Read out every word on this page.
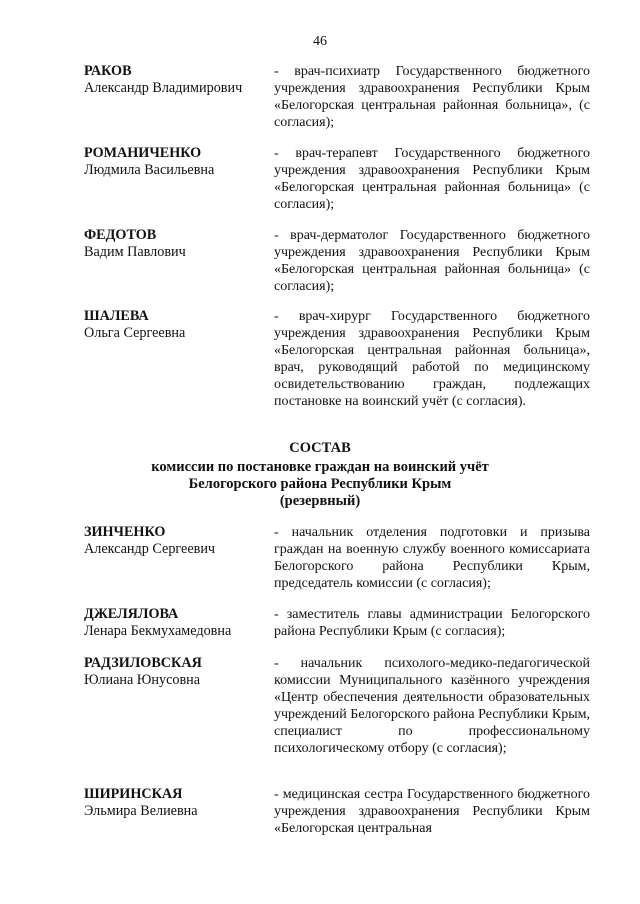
46
РАКОВ
Александр Владимирович
- врач-психиатр Государственного бюджетного учреждения здравоохранения Республики Крым «Белогорская центральная районная больница», (с согласия);
РОМАНИЧЕНКО
Людмила Васильевна
- врач-терапевт Государственного бюджетного учреждения здравоохранения Республики Крым «Белогорская центральная районная больница» (с согласия);
ФЕДОТОВ
Вадим Павлович
- врач-дерматолог Государственного бюджетного учреждения здравоохранения Республики Крым «Белогорская центральная районная больница» (с согласия);
ШАЛЕВА
Ольга Сергеевна
- врач-хирург Государственного бюджетного учреждения здравоохранения Республики Крым «Белогорская центральная районная больница», врач, руководящий работой по медицинскому освидетельствованию граждан, подлежащих постановке на воинский учёт (с согласия).
СОСТАВ
комиссии по постановке граждан на воинский учёт
Белогорского района Республики Крым
(резервный)
ЗИНЧЕНКО
Александр Сергеевич
- начальник отделения подготовки и призыва граждан на военную службу военного комиссариата Белогорского района Республики Крым, председатель комиссии (с согласия);
ДЖЕЛЯЛОВА
Ленара Бекмухамедовна
- заместитель главы администрации Белогорского района Республики Крым (с согласия);
РАДЗИЛОВСКАЯ
Юлиана Юнусовна
- начальник психолого-медико-педагогической комиссии Муниципального казённого учреждения «Центр обеспечения деятельности образовательных учреждений Белогорского района Республики Крым, специалист по профессиональному психологическому отбору (с согласия);
ШИРИНСКАЯ
Эльмира Велиевна
- медицинская сестра Государственного бюджетного учреждения здравоохранения Республики Крым «Белогорская центральная
